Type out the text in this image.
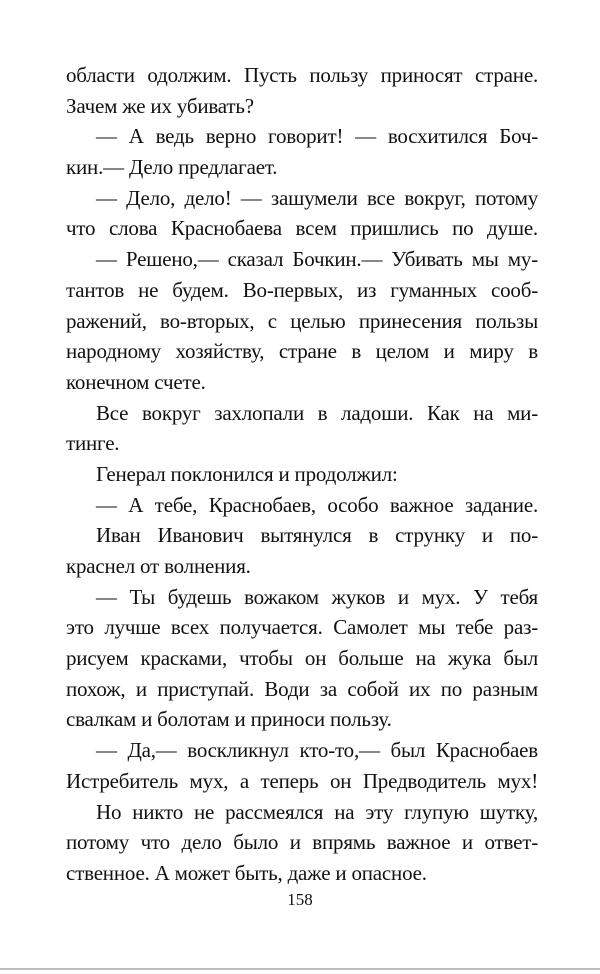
области одолжим. Пусть пользу приносят стране.
Зачем же их убивать?
— А ведь верно говорит! — восхитился Боч-
кин.— Дело предлагает.
— Дело, дело! — зашумели все вокруг, потому
что слова Краснобаева всем пришлись по душе.
— Решено,— сказал Бочкин.— Убивать мы му-
тантов не будем. Во-первых, из гуманных сооб-
ражений, во-вторых, с целью принесения пользы
народному хозяйству, стране в целом и миру в
конечном счете.
Все вокруг захлопали в ладоши. Как на ми-
тинге.
Генерал поклонился и продолжил:
— А тебе, Краснобаев, особо важное задание.
Иван Иванович вытянулся в струнку и по-
краснел от волнения.
— Ты будешь вожаком жуков и мух. У тебя
это лучше всех получается. Самолет мы тебе раз-
рисуем красками, чтобы он больше на жука был
похож, и приступай. Води за собой их по разным
свалкам и болотам и приноси пользу.
— Да,— воскликнул кто-то,— был Краснобаев
Истребитель мух, а теперь он Предводитель мух!
Но никто не рассмеялся на эту глупую шутку,
потому что дело было и впрямь важное и ответ-
ственное. А может быть, даже и опасное.
158
